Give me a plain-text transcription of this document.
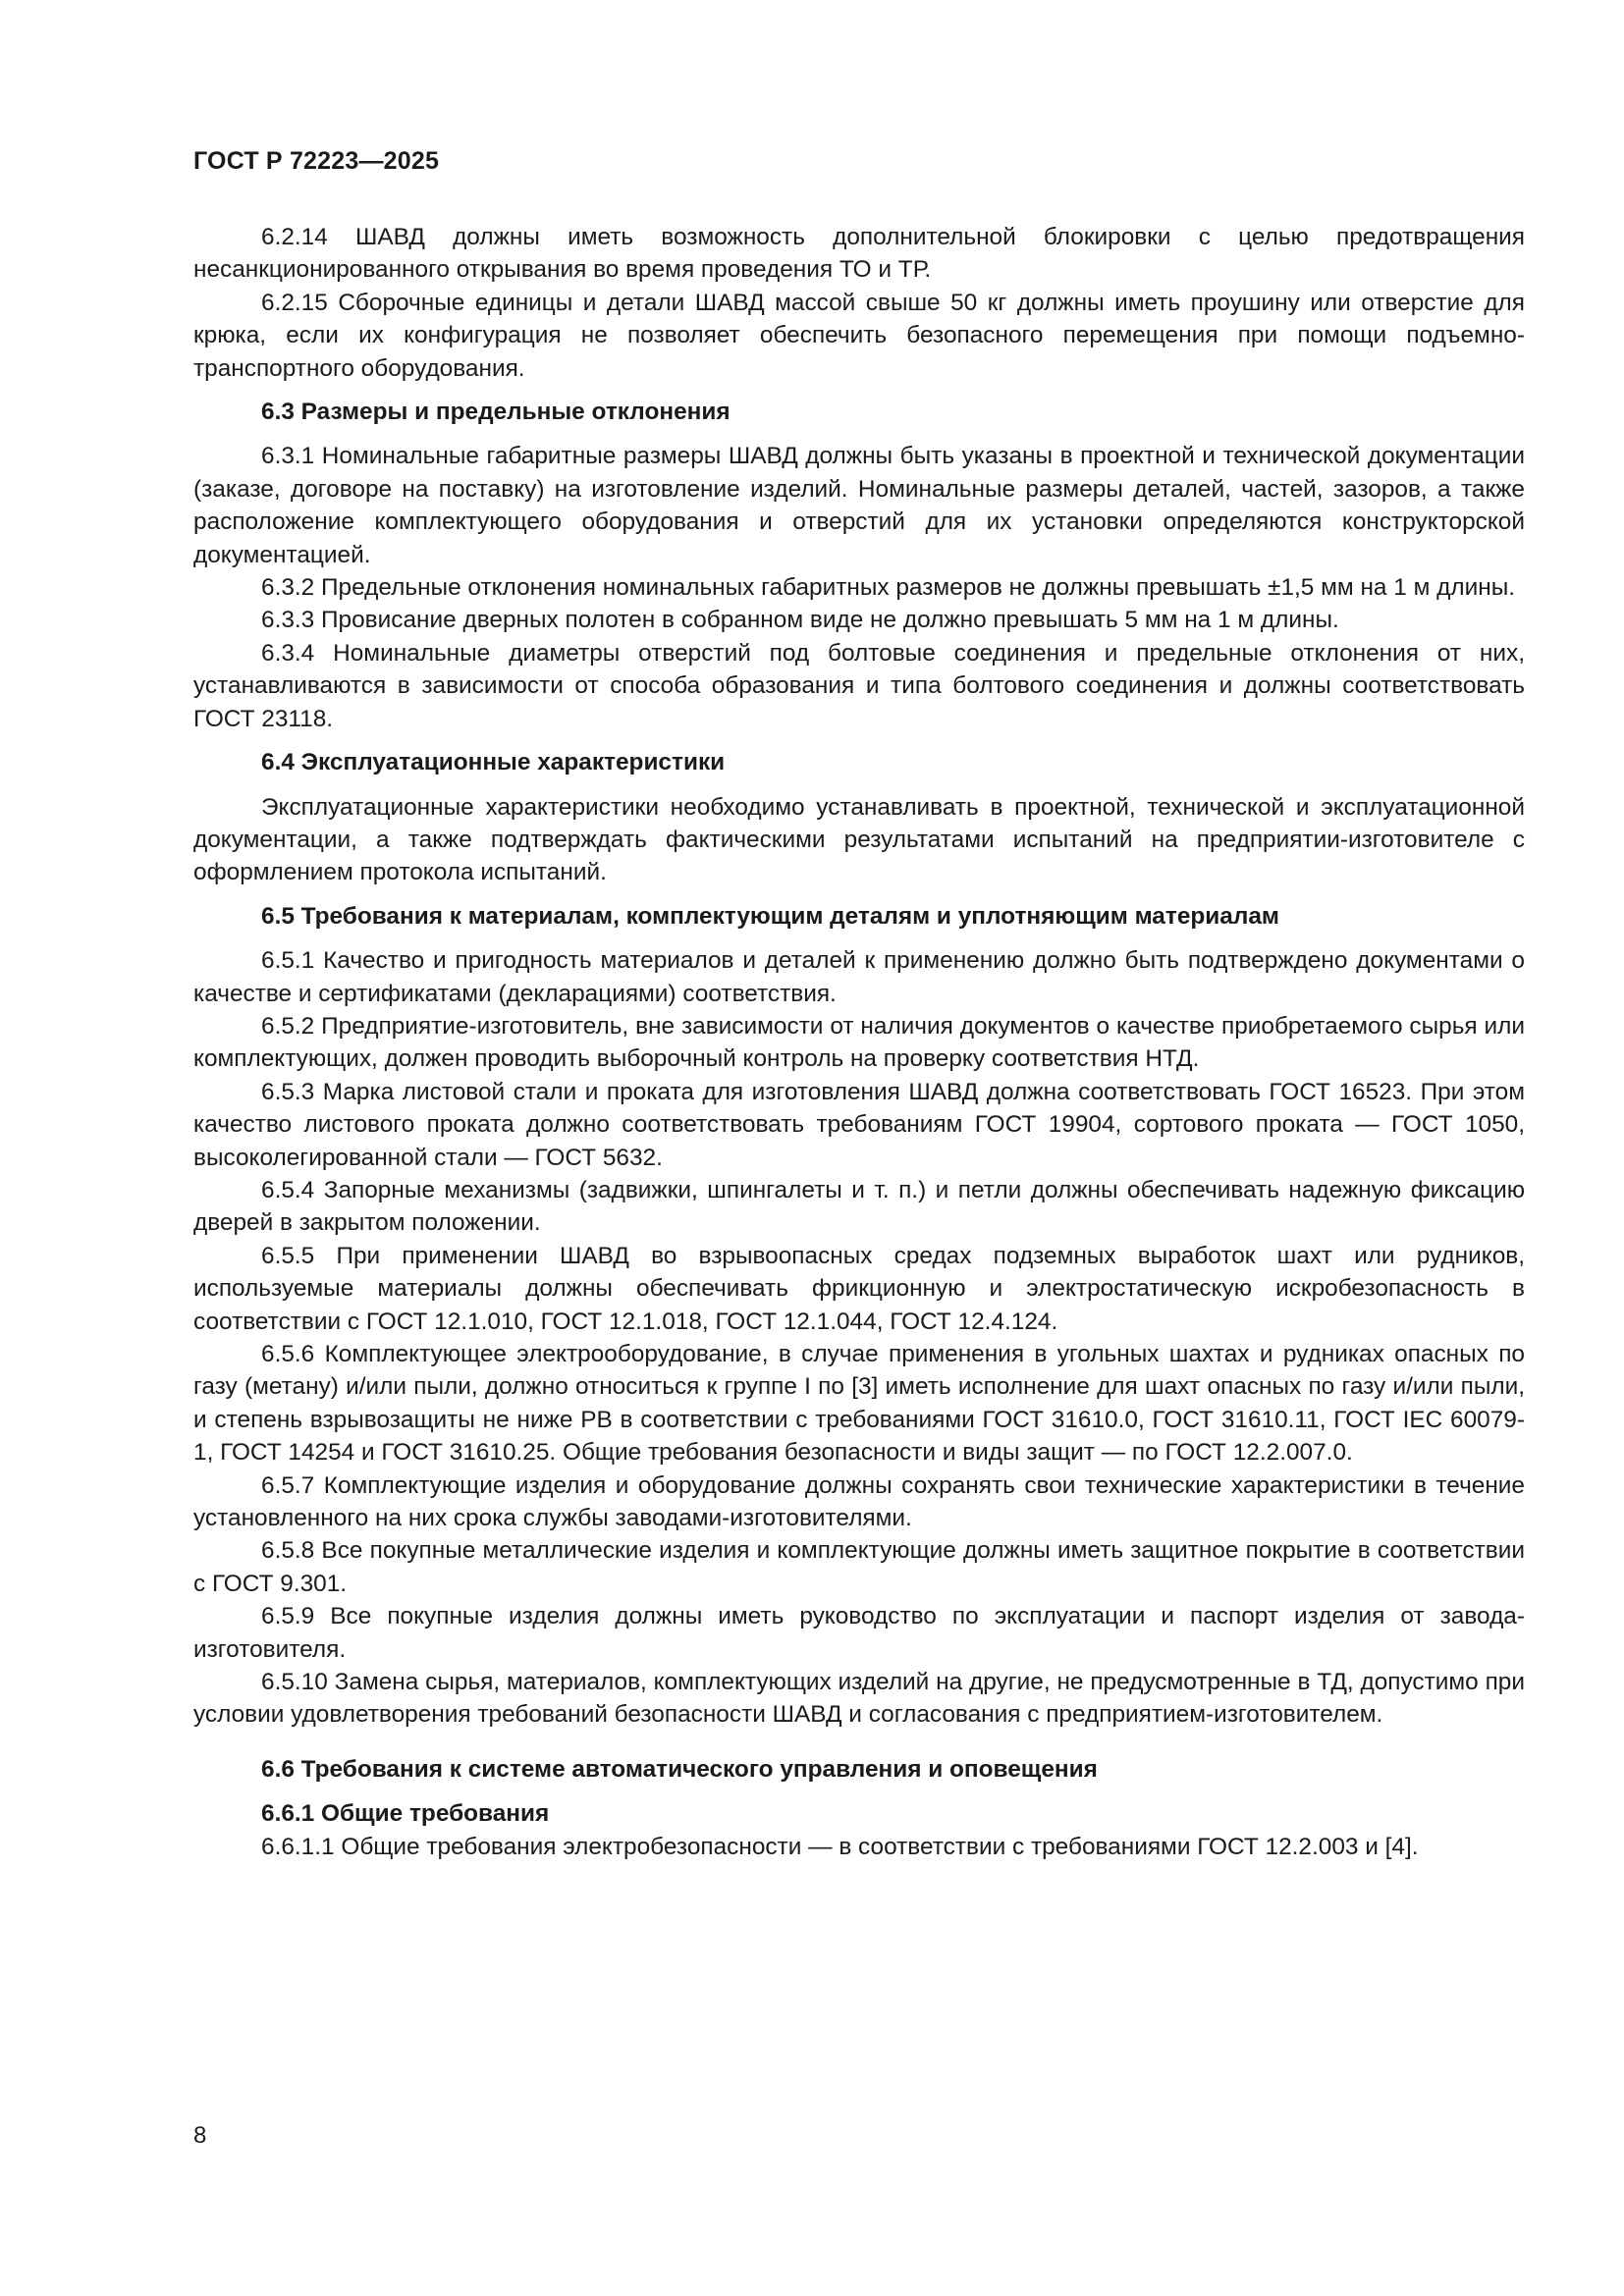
ГОСТ Р 72223—2025

6.2.14 ШАВД должны иметь возможность дополнительной блокировки с целью предотвращения несанкционированного открывания во время проведения ТО и ТР.

6.2.15 Сборочные единицы и детали ШАВД массой свыше 50 кг должны иметь проушину или отверстие для крюка, если их конфигурация не позволяет обеспечить безопасного перемещения при помощи подъемно-транспортного оборудования.

6.3 Размеры и предельные отклонения

6.3.1 Номинальные габаритные размеры ШАВД должны быть указаны в проектной и технической документации (заказе, договоре на поставку) на изготовление изделий. Номинальные размеры деталей, частей, зазоров, а также расположение комплектующего оборудования и отверстий для их установки определяются конструкторской документацией.

6.3.2 Предельные отклонения номинальных габаритных размеров не должны превышать ±1,5 мм на 1 м длины.

6.3.3 Провисание дверных полотен в собранном виде не должно превышать 5 мм на 1 м длины.

6.3.4 Номинальные диаметры отверстий под болтовые соединения и предельные отклонения от них, устанавливаются в зависимости от способа образования и типа болтового соединения и должны соответствовать ГОСТ 23118.

6.4 Эксплуатационные характеристики

Эксплуатационные характеристики необходимо устанавливать в проектной, технической и эксплуатационной документации, а также подтверждать фактическими результатами испытаний на предприятии-изготовителе с оформлением протокола испытаний.

6.5 Требования к материалам, комплектующим деталям и уплотняющим материалам

6.5.1 Качество и пригодность материалов и деталей к применению должно быть подтверждено документами о качестве и сертификатами (декларациями) соответствия.

6.5.2 Предприятие-изготовитель, вне зависимости от наличия документов о качестве приобретаемого сырья или комплектующих, должен проводить выборочный контроль на проверку соответствия НТД.

6.5.3 Марка листовой стали и проката для изготовления ШАВД должна соответствовать ГОСТ 16523. При этом качество листового проката должно соответствовать требованиям ГОСТ 19904, сортового проката — ГОСТ 1050, высоколегированной стали — ГОСТ 5632.

6.5.4 Запорные механизмы (задвижки, шпингалеты и т. п.) и петли должны обеспечивать надежную фиксацию дверей в закрытом положении.

6.5.5 При применении ШАВД во взрывоопасных средах подземных выработок шахт или рудников, используемые материалы должны обеспечивать фрикционную и электростатическую искробезопасность в соответствии с ГОСТ 12.1.010, ГОСТ 12.1.018, ГОСТ 12.1.044, ГОСТ 12.4.124.

6.5.6 Комплектующее электрооборудование, в случае применения в угольных шахтах и рудниках опасных по газу (метану) и/или пыли, должно относиться к группе I по [3] иметь исполнение для шахт опасных по газу и/или пыли, и степень взрывозащиты не ниже РВ в соответствии с требованиями ГОСТ 31610.0, ГОСТ 31610.11, ГОСТ IEC 60079-1, ГОСТ 14254 и ГОСТ 31610.25. Общие требования безопасности и виды защит — по ГОСТ 12.2.007.0.

6.5.7 Комплектующие изделия и оборудование должны сохранять свои технические характеристики в течение установленного на них срока службы заводами-изготовителями.

6.5.8 Все покупные металлические изделия и комплектующие должны иметь защитное покрытие в соответствии с ГОСТ 9.301.

6.5.9 Все покупные изделия должны иметь руководство по эксплуатации и паспорт изделия от завода-изготовителя.

6.5.10 Замена сырья, материалов, комплектующих изделий на другие, не предусмотренные в ТД, допустимо при условии удовлетворения требований безопасности ШАВД и согласования с предприятием-изготовителем.

6.6 Требования к системе автоматического управления и оповещения

6.6.1 Общие требования

6.6.1.1 Общие требования электробезопасности — в соответствии с требованиями ГОСТ 12.2.003 и [4].

8
